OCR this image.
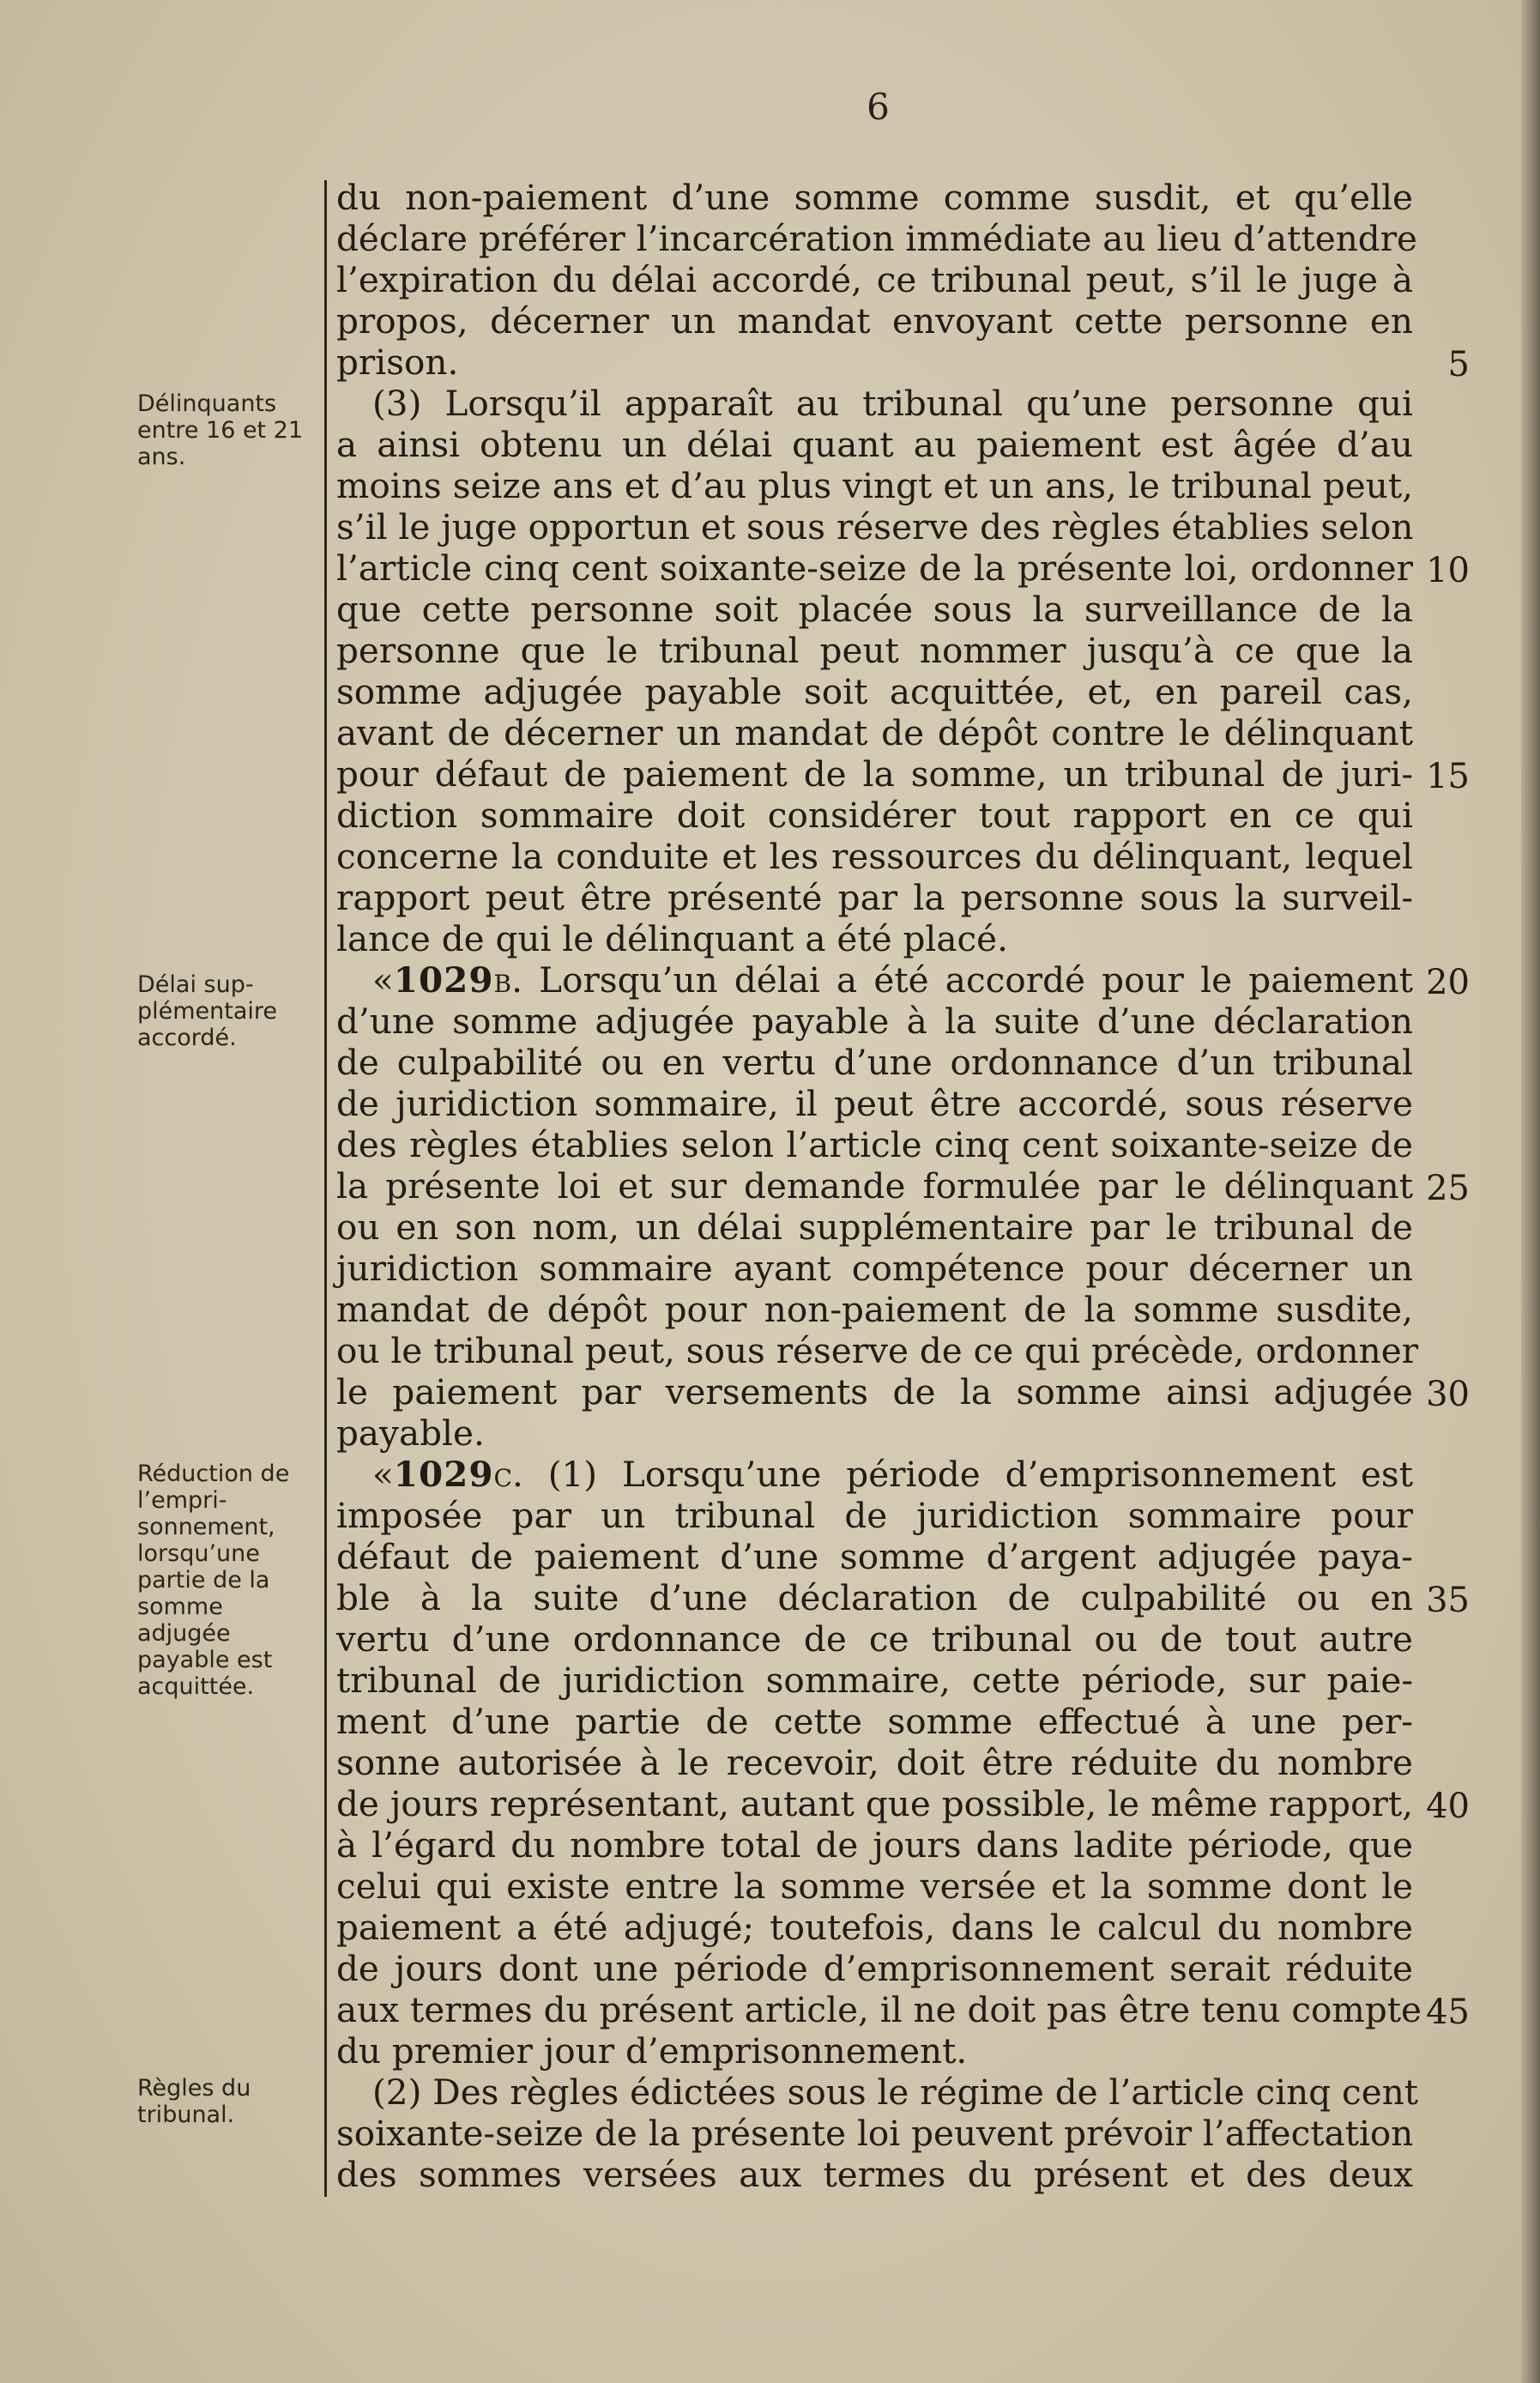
6
Délinquants entre 16 et 21 ans.
Délai sup-plémentaire accordé.
Réduction de l’empri-sonnement, lorsqu’une partie de la somme adjugée payable est acquittée.
Règles du tribunal.
du non-paiement d’une somme comme susdit, et qu’elle
déclare préférer l’incarcération immédiate au lieu d’attendre
l’expiration du délai accordé, ce tribunal peut, s’il le juge à
propos, décerner un mandat envoyant cette personne en
prison.
(3) Lorsqu’il apparaît au tribunal qu’une personne qui
a ainsi obtenu un délai quant au paiement est âgée d’au
moins seize ans et d’au plus vingt et un ans, le tribunal peut,
s’il le juge opportun et sous réserve des règles établies selon
l’article cinq cent soixante-seize de la présente loi, ordonner
que cette personne soit placée sous la surveillance de la
personne que le tribunal peut nommer jusqu’à ce que la
somme adjugée payable soit acquittée, et, en pareil cas,
avant de décerner un mandat de dépôt contre le délinquant
pour défaut de paiement de la somme, un tribunal de juri-
diction sommaire doit considérer tout rapport en ce qui
concerne la conduite et les ressources du délinquant, lequel
rapport peut être présenté par la personne sous la surveil-
lance de qui le délinquant a été placé.
«1029b. Lorsqu’un délai a été accordé pour le paiement
d’une somme adjugée payable à la suite d’une déclaration
de culpabilité ou en vertu d’une ordonnance d’un tribunal
de juridiction sommaire, il peut être accordé, sous réserve
des règles établies selon l’article cinq cent soixante-seize de
la présente loi et sur demande formulée par le délinquant
ou en son nom, un délai supplémentaire par le tribunal de
juridiction sommaire ayant compétence pour décerner un
mandat de dépôt pour non-paiement de la somme susdite,
ou le tribunal peut, sous réserve de ce qui précède, ordonner
le paiement par versements de la somme ainsi adjugée
payable.
«1029c. (1) Lorsqu’une période d’emprisonnement est
imposée par un tribunal de juridiction sommaire pour
défaut de paiement d’une somme d’argent adjugée paya-
ble à la suite d’une déclaration de culpabilité ou en
vertu d’une ordonnance de ce tribunal ou de tout autre
tribunal de juridiction sommaire, cette période, sur paie-
ment d’une partie de cette somme effectué à une per-
sonne autorisée à le recevoir, doit être réduite du nombre
de jours représentant, autant que possible, le même rapport,
à l’égard du nombre total de jours dans ladite période, que
celui qui existe entre la somme versée et la somme dont le
paiement a été adjugé; toutefois, dans le calcul du nombre
de jours dont une période d’emprisonnement serait réduite
aux termes du présent article, il ne doit pas être tenu compte
du premier jour d’emprisonnement.
(2) Des règles édictées sous le régime de l’article cinq cent
soixante-seize de la présente loi peuvent prévoir l’affectation
des sommes versées aux termes du présent et des deux
5
10
15
20
25
30
35
40
45
